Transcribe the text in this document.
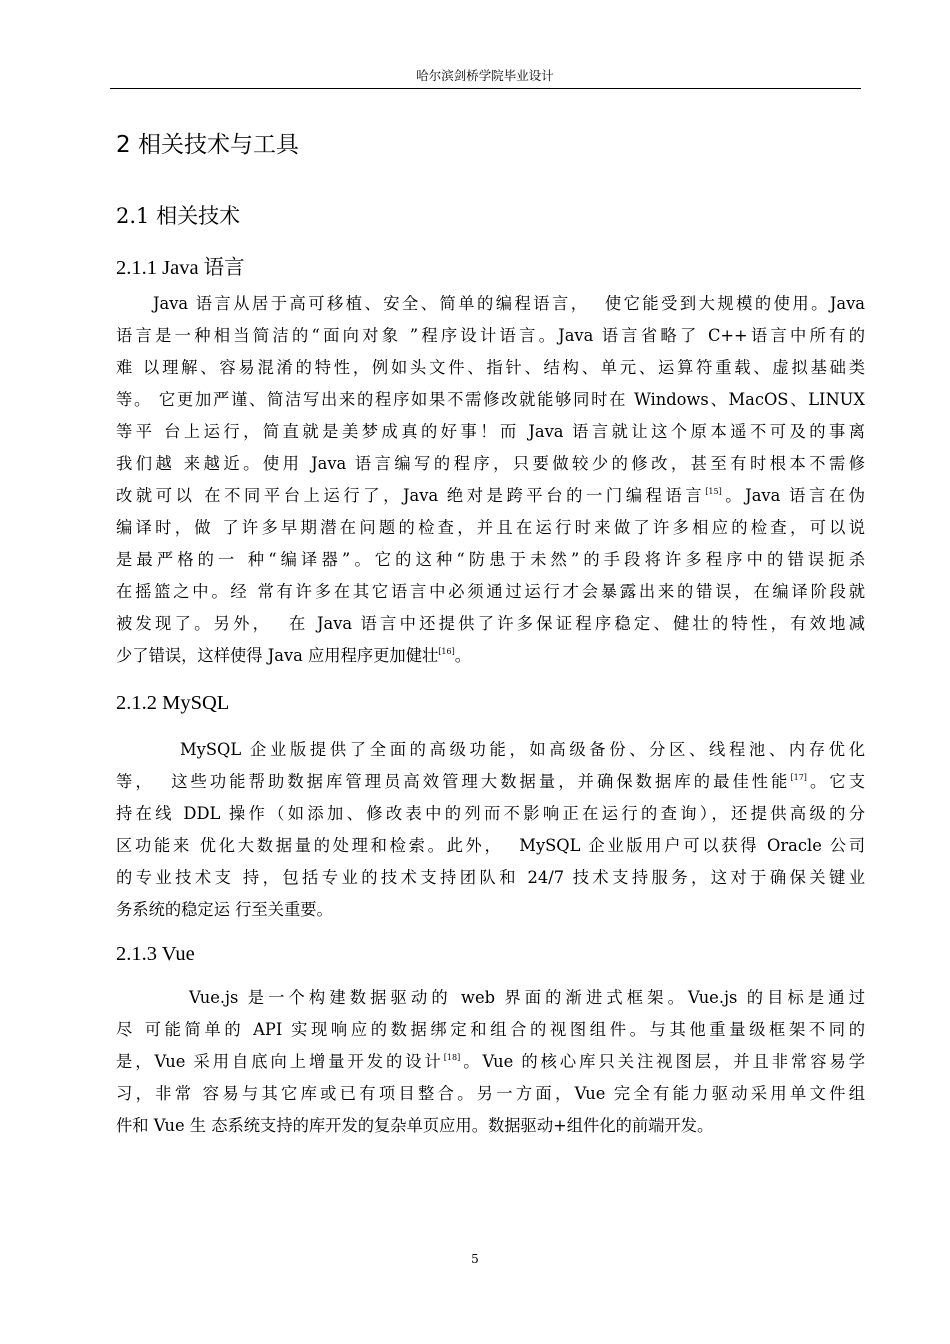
哈尔滨剑桥学院毕业设计
2 相关技术与工具
2.1 相关技术
2.1.1 Java 语言
Java 语言从居于高可移植、安全、简单的编程语言，  使它能受到大规模的使用。Java
语言是一种相当简洁的“面向对象 ”程序设计语言。Java 语言省略了 C++语言中所有的
难 以理解、容易混淆的特性，例如头文件、指针、结构、单元、运算符重载、虚拟基础类
等。 它更加严谨、简洁写出来的程序如果不需修改就能够同时在 Windows、MacOS、LINUX
等平 台上运行，简直就是美梦成真的好事！而 Java 语言就让这个原本遥不可及的事离
我们越 来越近。使用 Java 语言编写的程序，只要做较少的修改，甚至有时根本不需修
改就可以 在不同平台上运行了，Java 绝对是跨平台的一门编程语言[15]。Java 语言在伪
编译时，做 了许多早期潜在问题的检查，并且在运行时来做了许多相应的检查，可以说
是最严格的一 种“编译器”。它的这种“防患于未然”的手段将许多程序中的错误扼杀
在摇篮之中。经 常有许多在其它语言中必须通过运行才会暴露出来的错误，在编译阶段就
被发现了。另外，  在 Java 语言中还提供了许多保证程序稳定、健壮的特性，有效地减
少了错误，这样使得 Java 应用程序更加健壮[16]。
2.1.2 MySQL
MySQL 企业版提供了全面的高级功能，如高级备份、分区、线程池、内存优化
等，  这些功能帮助数据库管理员高效管理大数据量，并确保数据库的最佳性能[17]。它支
持在线 DDL 操作（如添加、修改表中的列而不影响正在运行的查询），还提供高级的分
区功能来 优化大数据量的处理和检索。此外，  MySQL 企业版用户可以获得 Oracle 公司
的专业技术支 持，包括专业的技术支持团队和 24/7 技术支持服务，这对于确保关键业
务系统的稳定运 行至关重要。
2.1.3 Vue
Vue.js 是一个构建数据驱动的 web 界面的渐进式框架。Vue.js 的目标是通过
尽 可能简单的 API 实现响应的数据绑定和组合的视图组件。与其他重量级框架不同的
是，Vue 采用自底向上增量开发的设计[18]。Vue 的核心库只关注视图层，并且非常容易学
习，非常 容易与其它库或已有项目整合。另一方面，Vue 完全有能力驱动采用单文件组
件和 Vue 生 态系统支持的库开发的复杂单页应用。数据驱动+组件化的前端开发。
5
